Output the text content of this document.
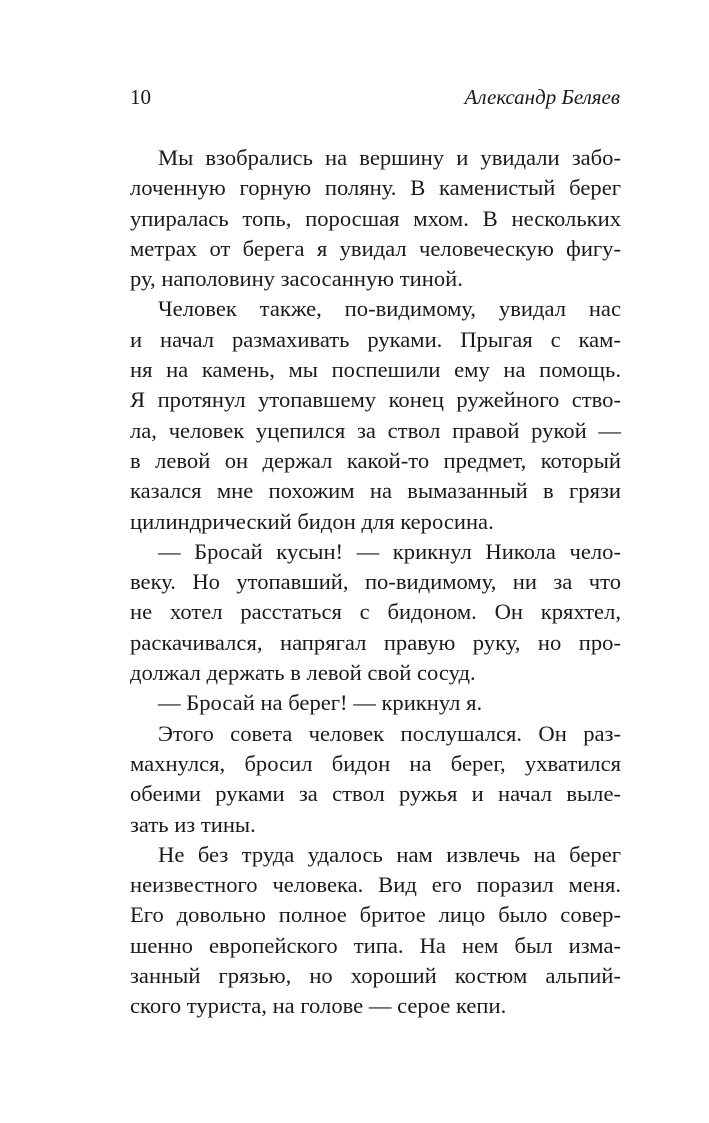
10	Александр Беляев
Мы взобрались на вершину и увидали забо-
лоченную горную поляну. В каменистый берег
упиралась топь, поросшая мхом. В нескольких
метрах от берега я увидал человеческую фигу-
ру, наполовину засосанную тиной.
Человек также, по-видимому, увидал нас
и начал размахивать руками. Прыгая с кам-
ня на камень, мы поспешили ему на помощь.
Я протянул утопавшему конец ружейного ство-
ла, человек уцепился за ствол правой рукой —
в левой он держал какой-то предмет, который
казался мне похожим на вымазанный в грязи
цилиндрический бидон для керосина.
— Бросай кусын! — крикнул Никола чело-
веку. Но утопавший, по-видимому, ни за что
не хотел расстаться с бидоном. Он кряхтел,
раскачивался, напрягал правую руку, но про-
должал держать в левой свой сосуд.
— Бросай на берег! — крикнул я.
Этого совета человек послушался. Он раз-
махнулся, бросил бидон на берег, ухватился
обеими руками за ствол ружья и начал выле-
зать из тины.
Не без труда удалось нам извлечь на берег
неизвестного человека. Вид его поразил меня.
Его довольно полное бритое лицо было совер-
шенно европейского типа. На нем был изма-
занный грязью, но хороший костюм альпий-
ского туриста, на голове — серое кепи.
